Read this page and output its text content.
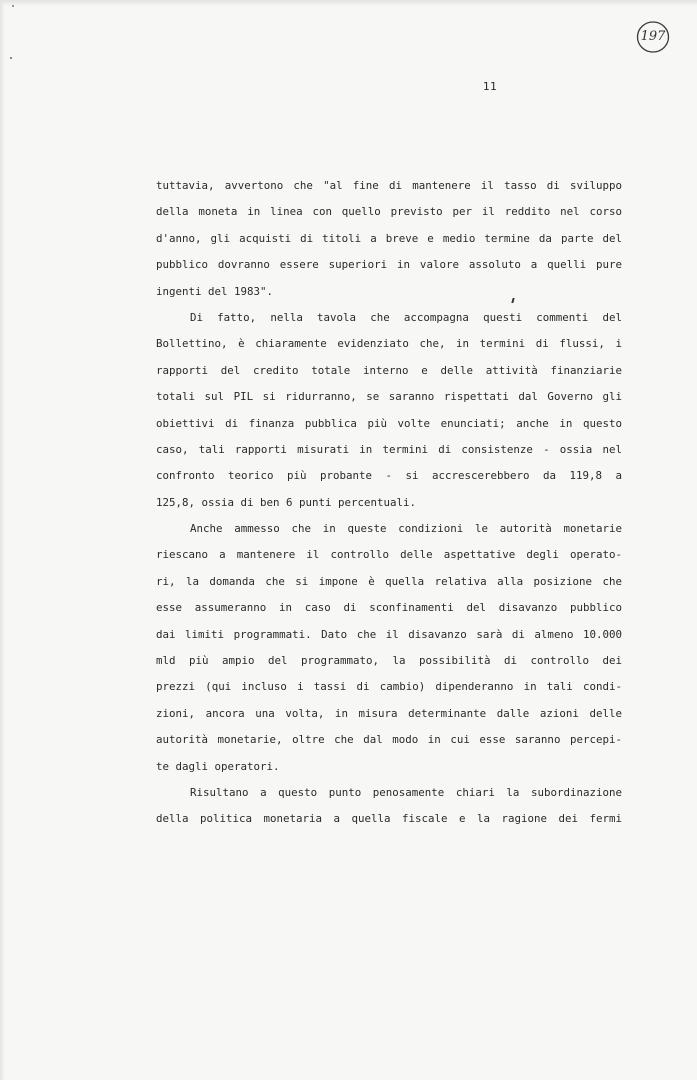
197
11
tuttavia, avvertono che "al fine di mantenere il tasso di sviluppo
della moneta in linea con quello previsto per il reddito nel corso
d'anno, gli acquisti di titoli a breve e medio termine da parte del
pubblico dovranno essere superiori in valore assoluto a quelli pure
ingenti del 1983".
Di fatto, nella tavola che accompagna questi commenti del
Bollettino, è chiaramente evidenziato che, in termini di flussi, i
rapporti del credito totale interno e delle attività finanziarie
totali sul PIL si ridurranno, se saranno rispettati dal Governo gli
obiettivi di finanza pubblica più volte enunciati; anche in questo
caso, tali rapporti misurati in termini di consistenze - ossia nel
confronto teorico più probante - si accrescerebbero da 119,8 a
125,8, ossia di ben 6 punti percentuali.
Anche ammesso che in queste condizioni le autorità monetarie
riescano a mantenere il controllo delle aspettative degli operato-
ri, la domanda che si impone è quella relativa alla posizione che
esse assumeranno in caso di sconfinamenti del disavanzo pubblico
dai limiti programmati. Dato che il disavanzo sarà di almeno 10.000
mld più ampio del programmato, la possibilità di controllo dei
prezzi (qui incluso i tassi di cambio) dipenderanno in tali condi-
zioni, ancora una volta, in misura determinante dalle azioni delle
autorità monetarie, oltre che dal modo in cui esse saranno percepi-
te dagli operatori.
Risultano a questo punto penosamente chiari la subordinazione
della politica monetaria a quella fiscale e la ragione dei fermi
